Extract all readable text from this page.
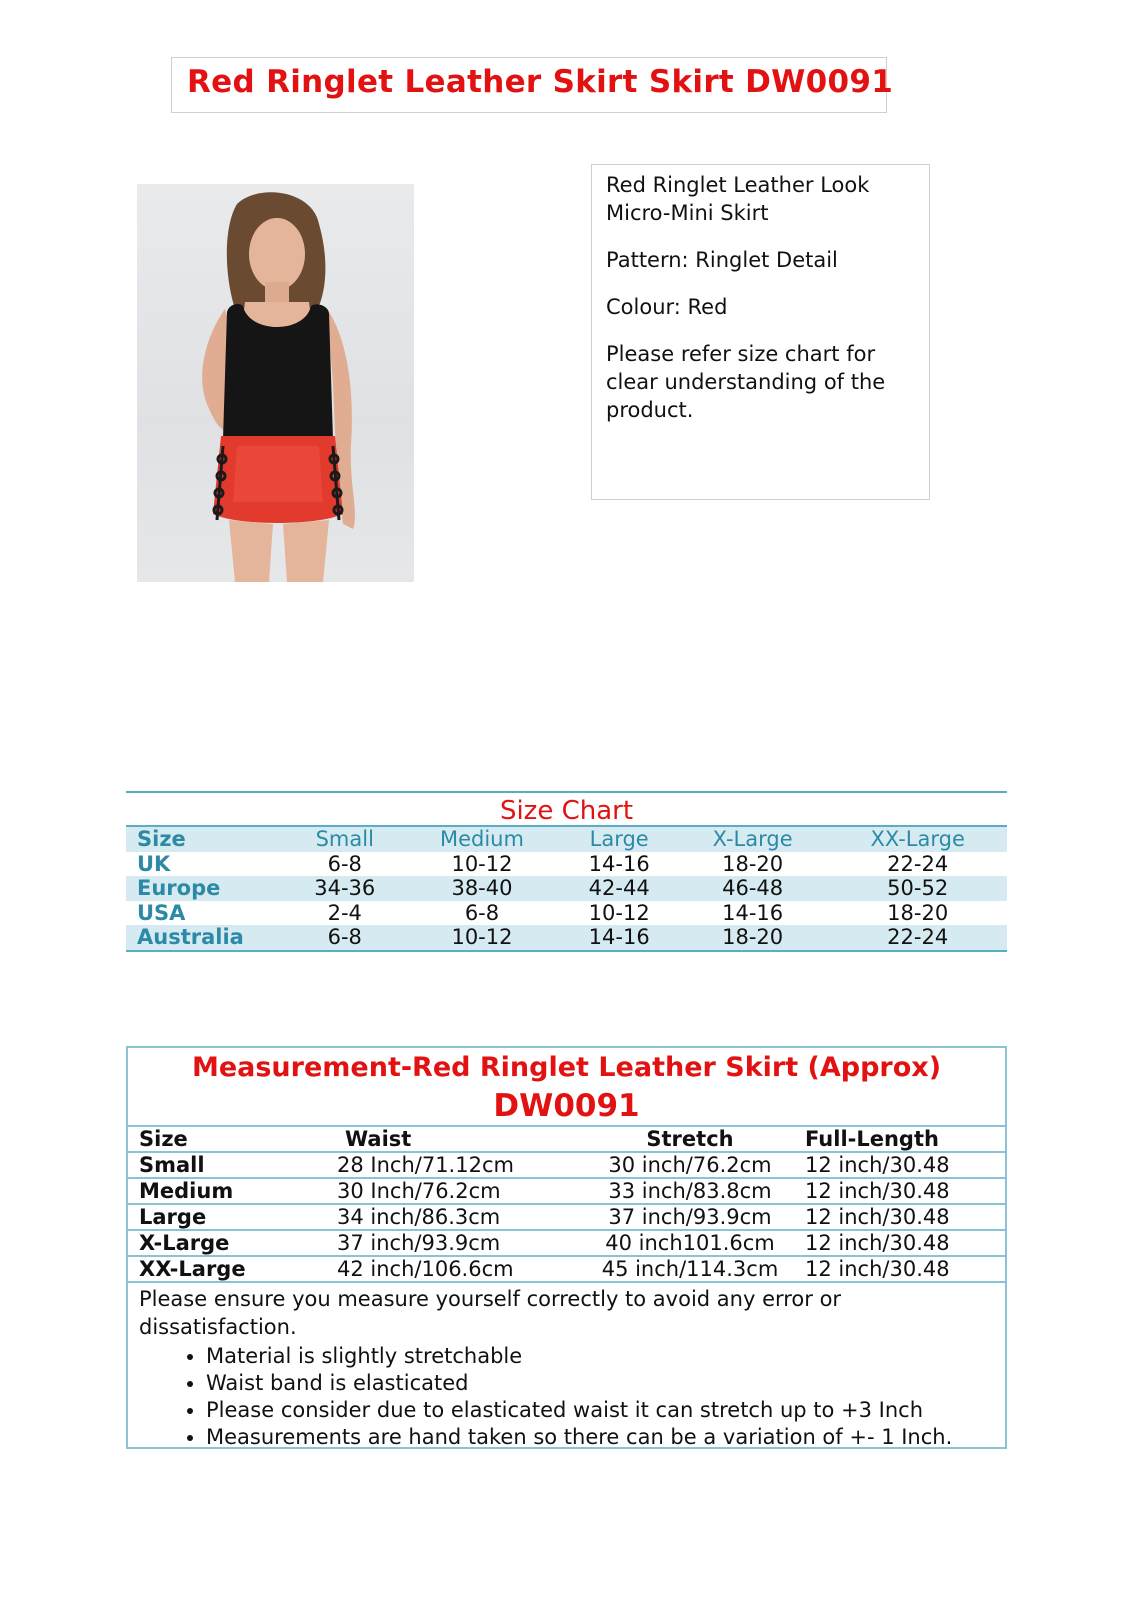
Red Ringlet Leather Skirt Skirt DW0091

Red Ringlet Leather Look Micro-Mini Skirt

Pattern: Ringlet Detail

Colour: Red

Please refer size chart for clear understanding of the product.

Size Chart
Size	Small	Medium	Large	X-Large	XX-Large
UK	6-8	10-12	14-16	18-20	22-24
Europe	34-36	38-40	42-44	46-48	50-52
USA	2-4	6-8	10-12	14-16	18-20
Australia	6-8	10-12	14-16	18-20	22-24
Measurement-Red Ringlet Leather Skirt (Approx)
DW0091
Size	Waist	Stretch	Full-Length
Small	28 Inch/71.12cm	30 inch/76.2cm	12 inch/30.48
Medium	30 Inch/76.2cm	33 inch/83.8cm	12 inch/30.48
Large	34 inch/86.3cm	37 inch/93.9cm	12 inch/30.48
X-Large	37 inch/93.9cm	40 inch101.6cm	12 inch/30.48
XX-Large	42 inch/106.6cm	45 inch/114.3cm	12 inch/30.48

Please ensure you measure yourself correctly to avoid any error or dissatisfaction.

• Material is slightly stretchable
• Waist band is elasticated
• Please consider due to elasticated waist it can stretch up to +3 Inch
• Measurements are hand taken so there can be a variation of +- 1 Inch.
